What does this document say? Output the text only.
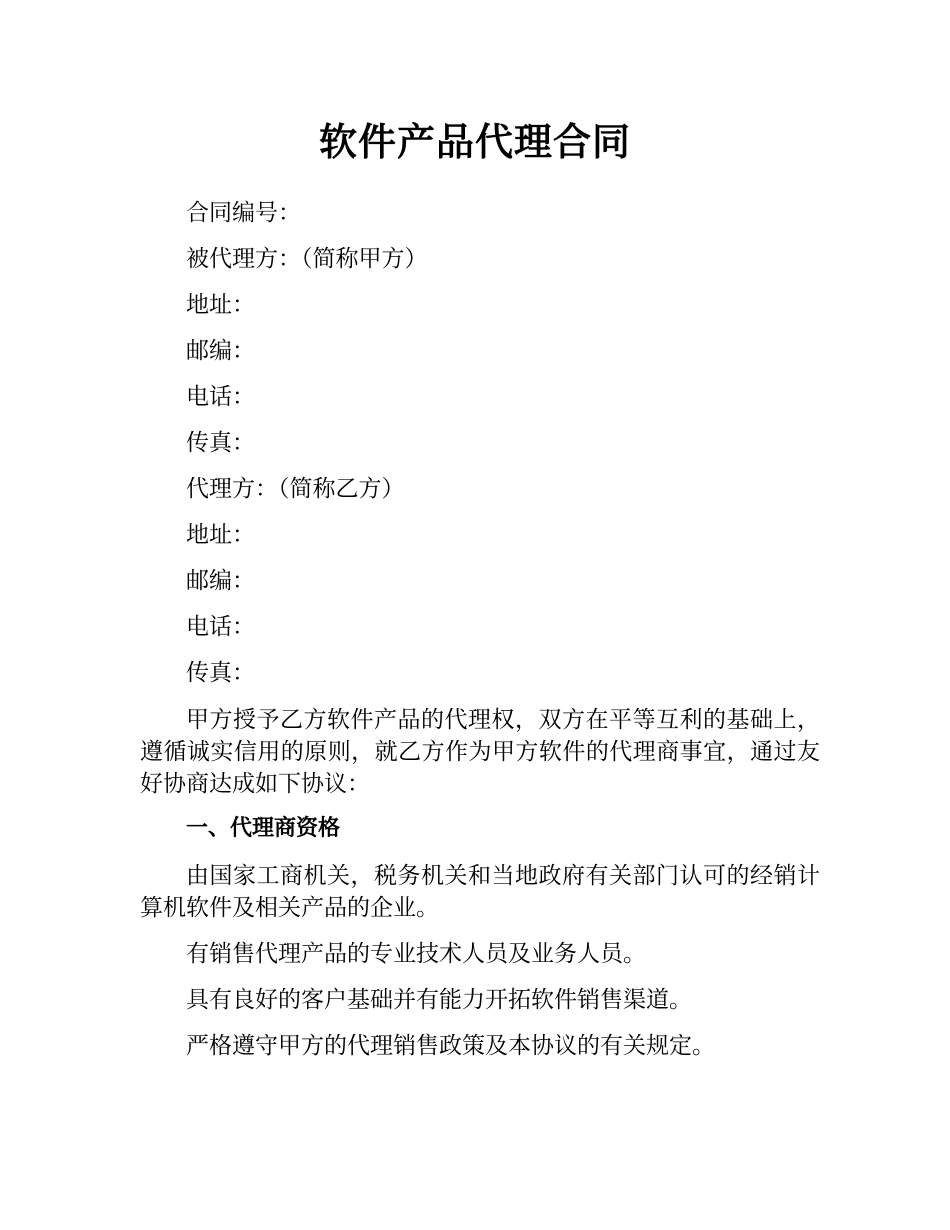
软件产品代理合同
合同编号：
被代理方：（简称甲方）
地址：
邮编：
电话：
传真：
代理方：（简称乙方）
地址：
邮编：
电话：
传真：
甲方授予乙方软件产品的代理权，双方在平等互利的基础上，遵循诚实信用的原则，就乙方作为甲方软件的代理商事宜，通过友好协商达成如下协议：
一、代理商资格
由国家工商机关，税务机关和当地政府有关部门认可的经销计算机软件及相关产品的企业。
有销售代理产品的专业技术人员及业务人员。
具有良好的客户基础并有能力开拓软件销售渠道。
严格遵守甲方的代理销售政策及本协议的有关规定。
